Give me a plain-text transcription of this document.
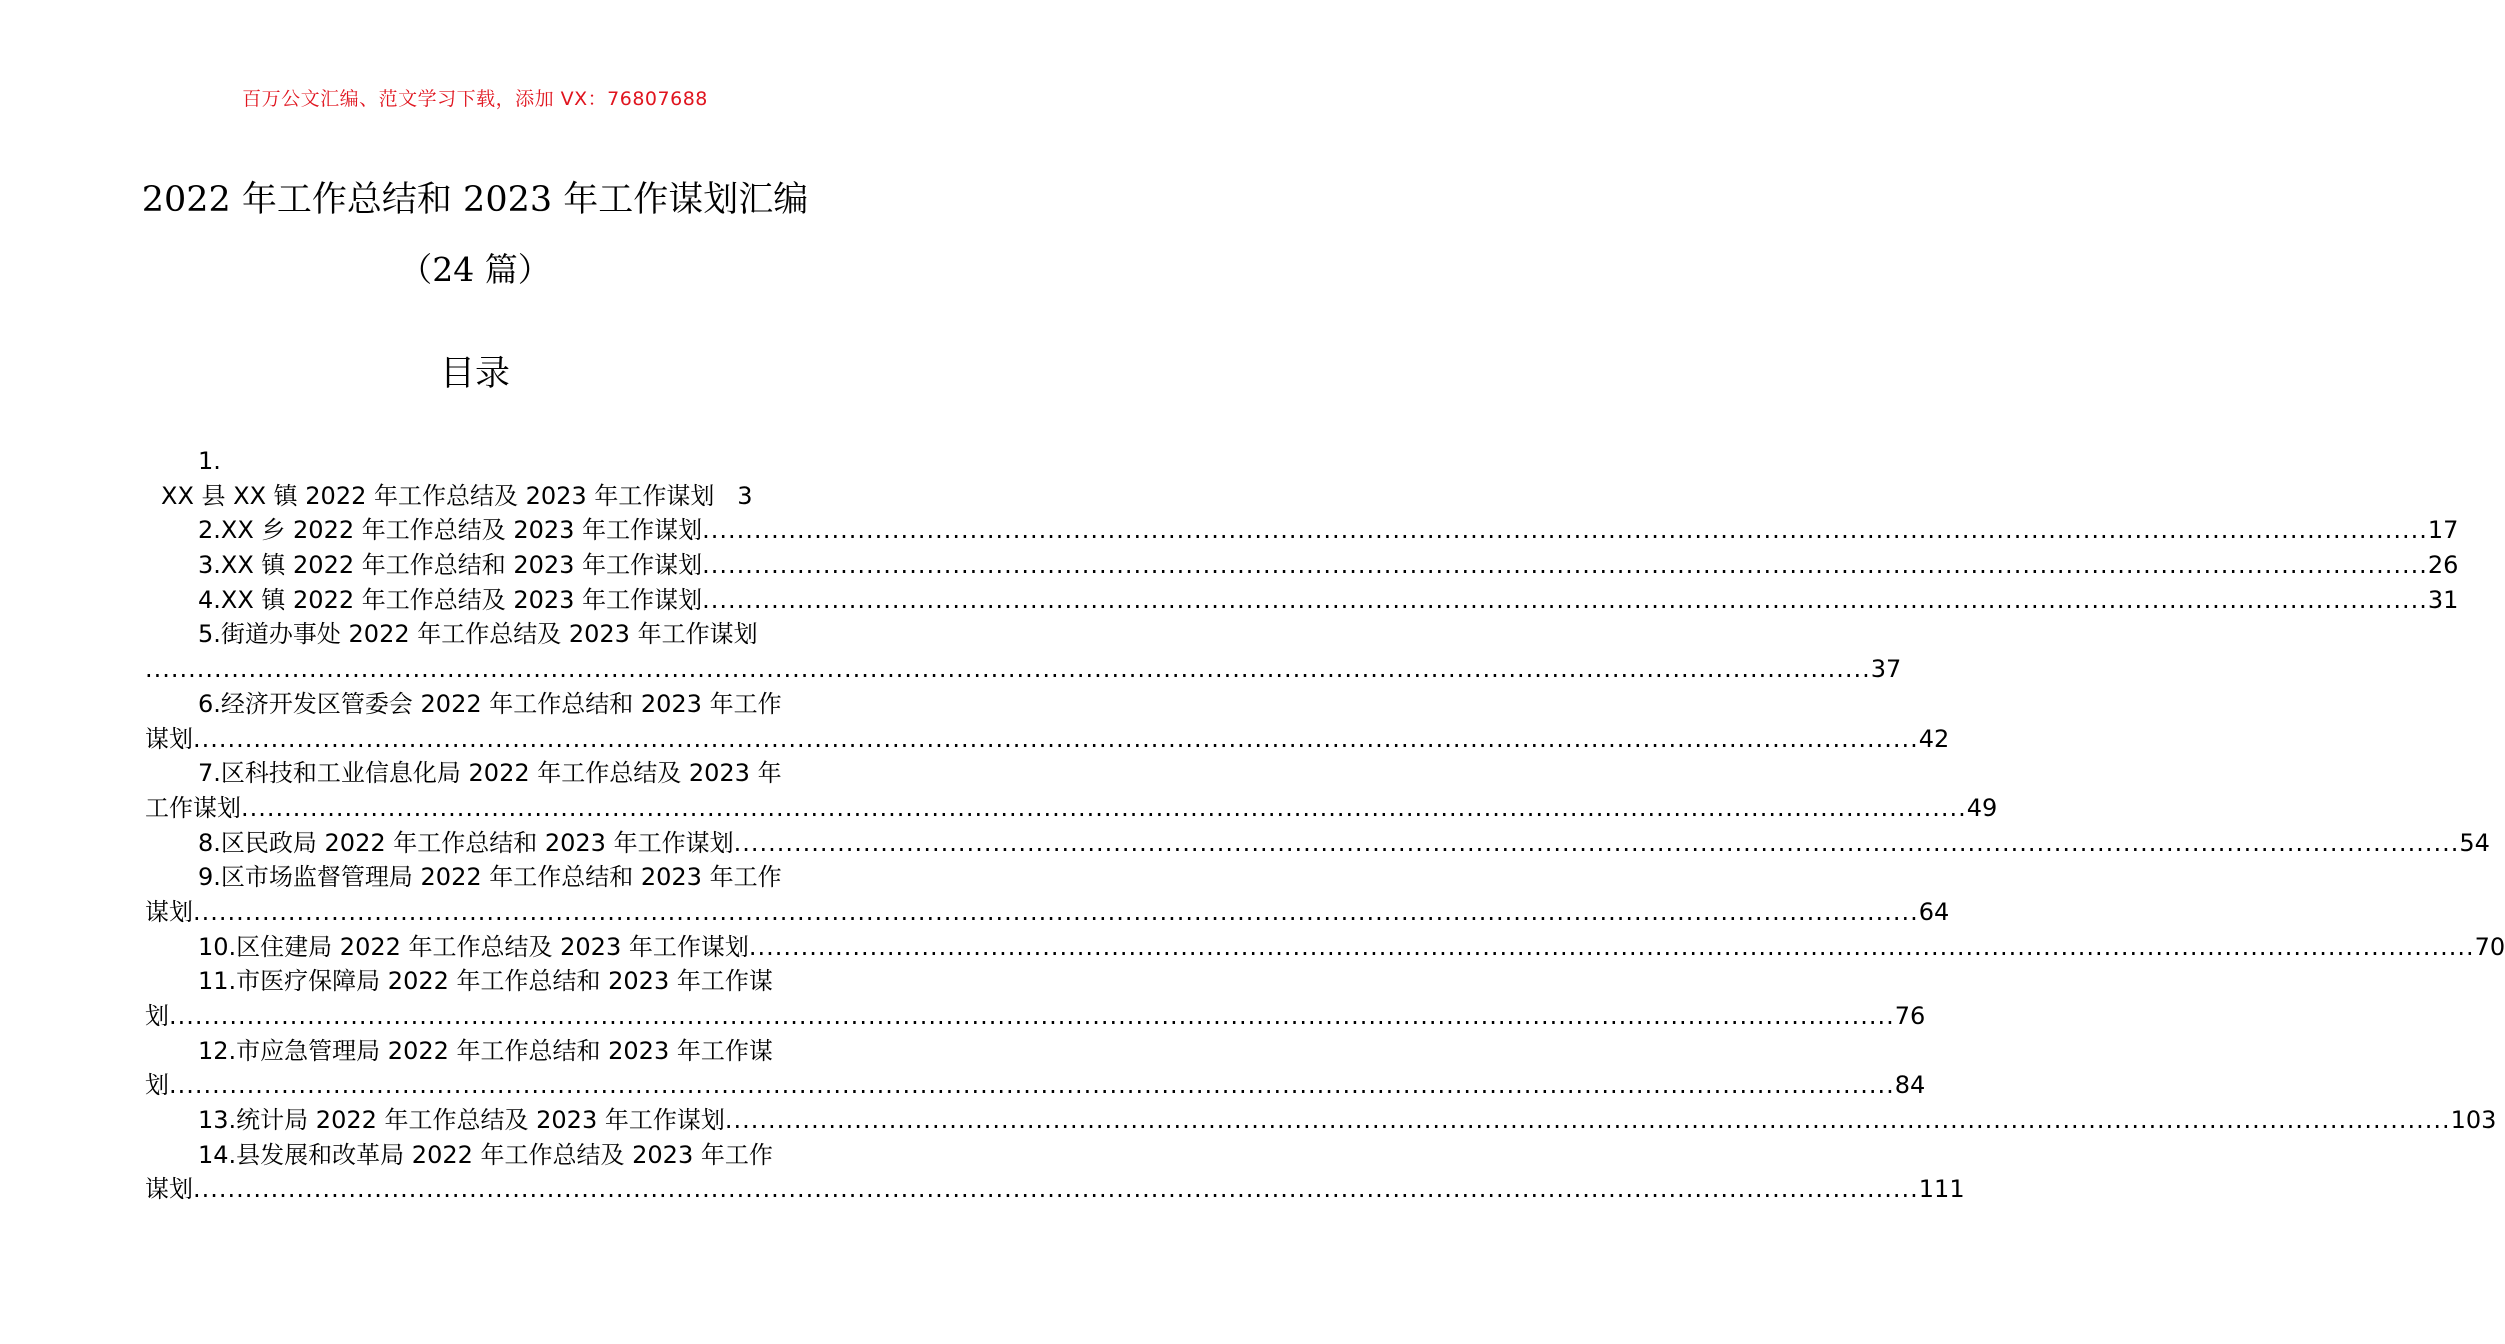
百万公文汇编、范文学习下载，添加 VX：76807688
2022 年工作总结和 2023 年工作谋划汇编
（24 篇）
目录
1.
XX 县 XX 镇 2022 年工作总结及 2023 年工作谋划 3
2.XX 乡 2022 年工作总结及 2023 年工作谋划 ........................................................................................................................................................................................................ 17
3.XX 镇 2022 年工作总结和 2023 年工作谋划 ........................................................................................................................................................................................................ 26
4.XX 镇 2022 年工作总结及 2023 年工作谋划 ........................................................................................................................................................................................................ 31
5.街道办事处 2022 年工作总结及 2023 年工作谋划
........................................................................................................................................................................................................ 37
6.经济开发区管委会 2022 年工作总结和 2023 年工作
谋划 ........................................................................................................................................................................................................ 42
7.区科技和工业信息化局 2022 年工作总结及 2023 年
工作谋划 ........................................................................................................................................................................................................ 49
8.区民政局 2022 年工作总结和 2023 年工作谋划 ........................................................................................................................................................................................................ 54
9.区市场监督管理局 2022 年工作总结和 2023 年工作
谋划 ........................................................................................................................................................................................................ 64
10.区住建局 2022 年工作总结及 2023 年工作谋划 ........................................................................................................................................................................................................ 70
11.市医疗保障局 2022 年工作总结和 2023 年工作谋
划 ........................................................................................................................................................................................................ 76
12.市应急管理局 2022 年工作总结和 2023 年工作谋
划 ........................................................................................................................................................................................................ 84
13.统计局 2022 年工作总结及 2023 年工作谋划 ........................................................................................................................................................................................................ 103
14.县发展和改革局 2022 年工作总结及 2023 年工作
谋划 ........................................................................................................................................................................................................ 111
